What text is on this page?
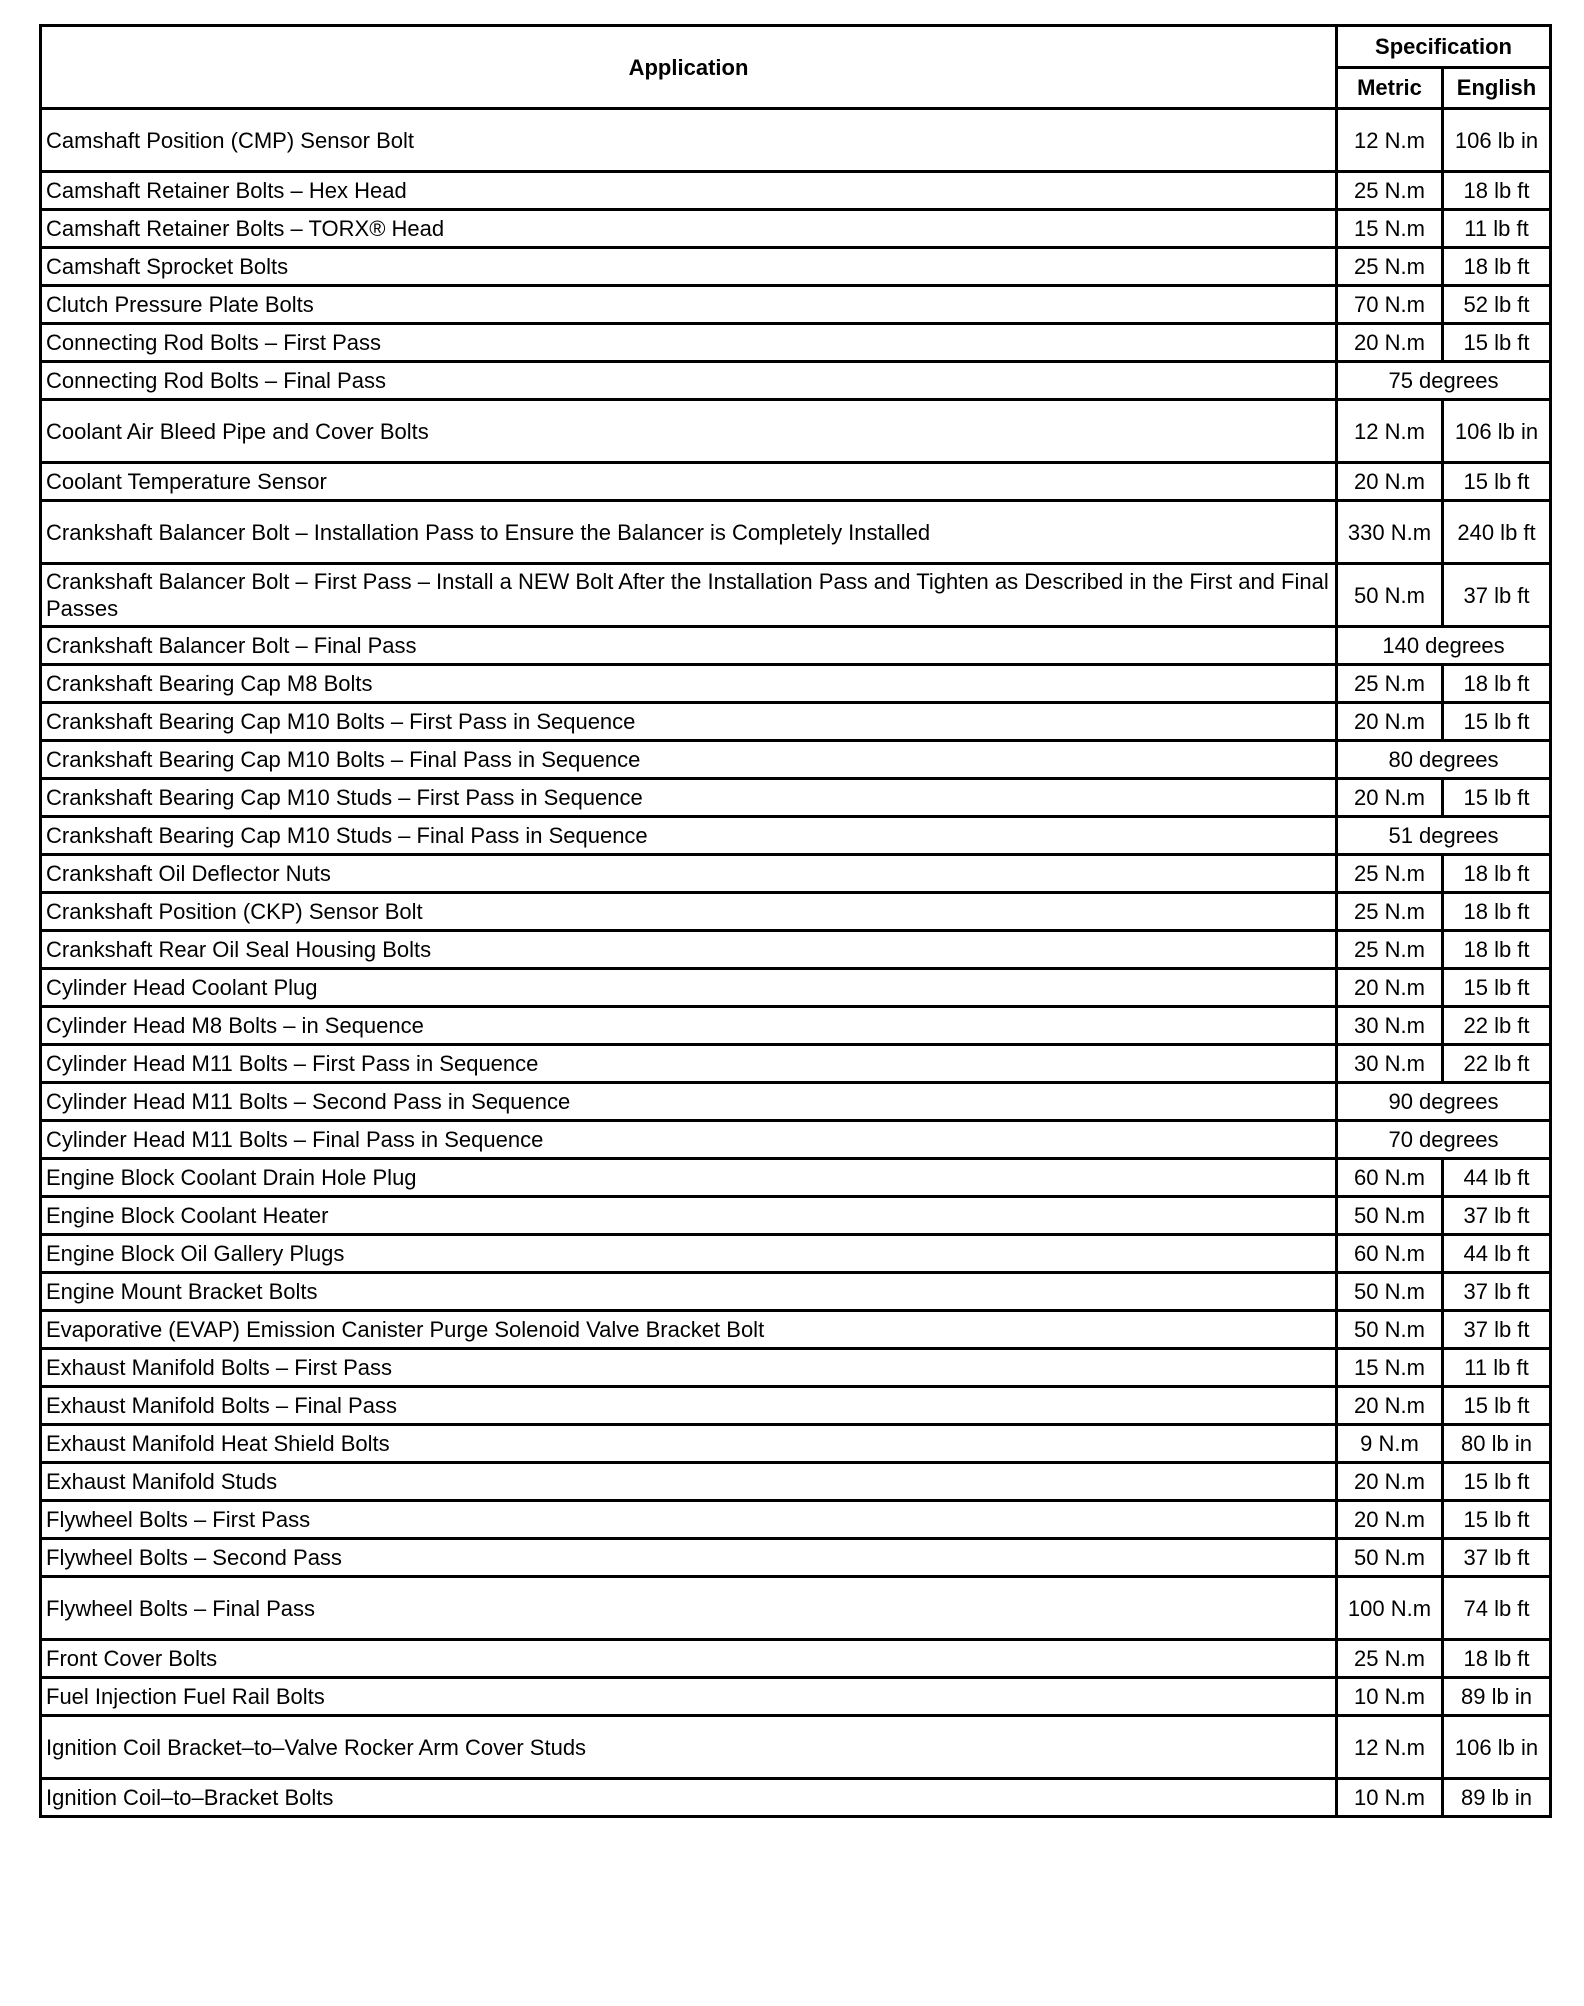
Application	Specification	
	Metric	English
Camshaft Position (CMP) Sensor Bolt	12 N.m	106 lb in
Camshaft Retainer Bolts – Hex Head	25 N.m	18 lb ft
Camshaft Retainer Bolts – TORX® Head	15 N.m	11 lb ft
Camshaft Sprocket Bolts	25 N.m	18 lb ft
Clutch Pressure Plate Bolts	70 N.m	52 lb ft
Connecting Rod Bolts – First Pass	20 N.m	15 lb ft
Connecting Rod Bolts – Final Pass	75 degrees	
Coolant Air Bleed Pipe and Cover Bolts	12 N.m	106 lb in
Coolant Temperature Sensor	20 N.m	15 lb ft
Crankshaft Balancer Bolt – Installation Pass to Ensure the Balancer is Completely Installed	330 N.m	240 lb ft
Crankshaft Balancer Bolt – First Pass – Install a NEW Bolt After the Installation Pass and Tighten as Described in the First and Final Passes	50 N.m	37 lb ft
Crankshaft Balancer Bolt – Final Pass	140 degrees	
Crankshaft Bearing Cap M8 Bolts	25 N.m	18 lb ft
Crankshaft Bearing Cap M10 Bolts – First Pass in Sequence	20 N.m	15 lb ft
Crankshaft Bearing Cap M10 Bolts – Final Pass in Sequence	80 degrees	
Crankshaft Bearing Cap M10 Studs – First Pass in Sequence	20 N.m	15 lb ft
Crankshaft Bearing Cap M10 Studs – Final Pass in Sequence	51 degrees	
Crankshaft Oil Deflector Nuts	25 N.m	18 lb ft
Crankshaft Position (CKP) Sensor Bolt	25 N.m	18 lb ft
Crankshaft Rear Oil Seal Housing Bolts	25 N.m	18 lb ft
Cylinder Head Coolant Plug	20 N.m	15 lb ft
Cylinder Head M8 Bolts – in Sequence	30 N.m	22 lb ft
Cylinder Head M11 Bolts – First Pass in Sequence	30 N.m	22 lb ft
Cylinder Head M11 Bolts – Second Pass in Sequence	90 degrees	
Cylinder Head M11 Bolts – Final Pass in Sequence	70 degrees	
Engine Block Coolant Drain Hole Plug	60 N.m	44 lb ft
Engine Block Coolant Heater	50 N.m	37 lb ft
Engine Block Oil Gallery Plugs	60 N.m	44 lb ft
Engine Mount Bracket Bolts	50 N.m	37 lb ft
Evaporative (EVAP) Emission Canister Purge Solenoid Valve Bracket Bolt	50 N.m	37 lb ft
Exhaust Manifold Bolts – First Pass	15 N.m	11 lb ft
Exhaust Manifold Bolts – Final Pass	20 N.m	15 lb ft
Exhaust Manifold Heat Shield Bolts	9 N.m	80 lb in
Exhaust Manifold Studs	20 N.m	15 lb ft
Flywheel Bolts – First Pass	20 N.m	15 lb ft
Flywheel Bolts – Second Pass	50 N.m	37 lb ft
Flywheel Bolts – Final Pass	100 N.m	74 lb ft
Front Cover Bolts	25 N.m	18 lb ft
Fuel Injection Fuel Rail Bolts	10 N.m	89 lb in
Ignition Coil Bracket–to–Valve Rocker Arm Cover Studs	12 N.m	106 lb in
Ignition Coil–to–Bracket Bolts	10 N.m	89 lb in
